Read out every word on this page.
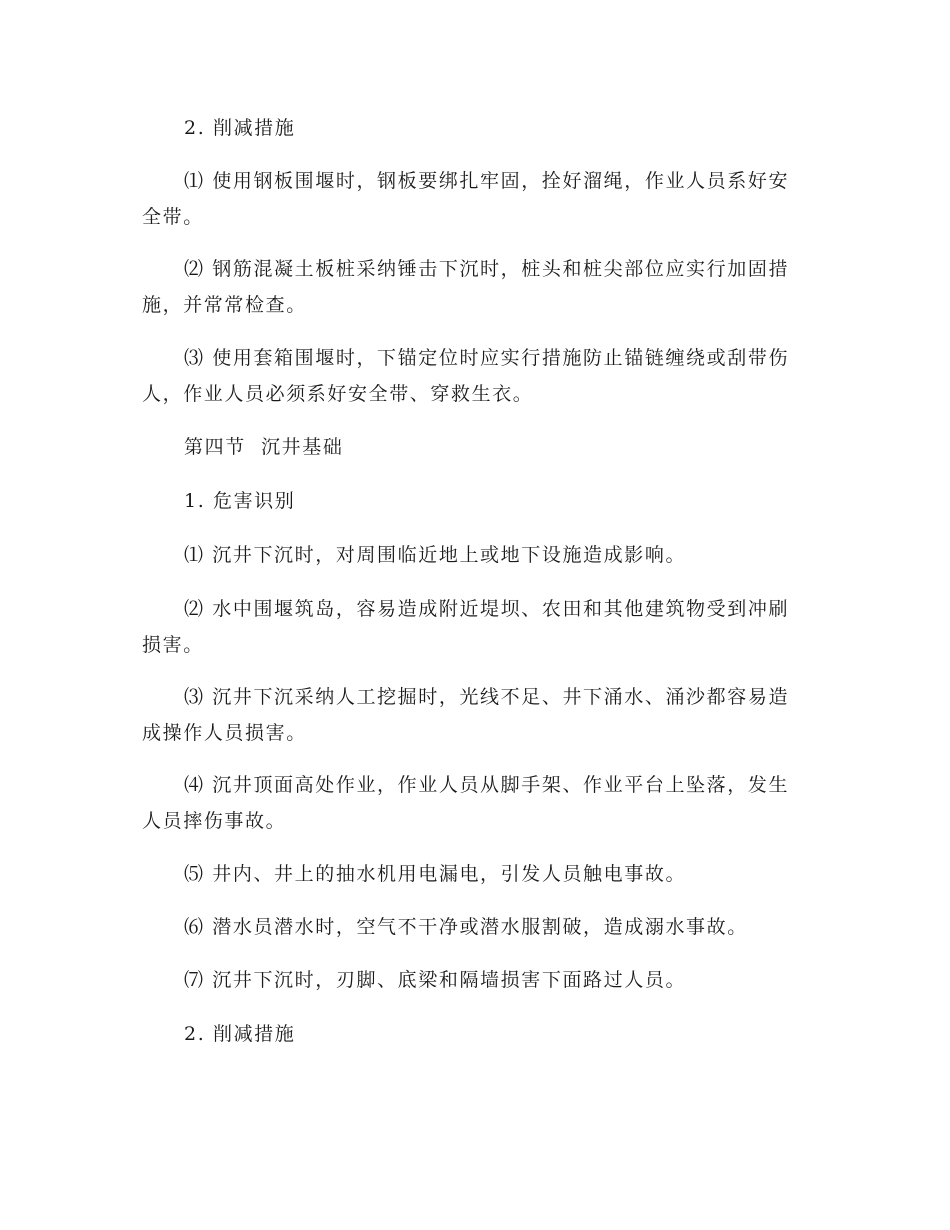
2. 削减措施
⑴ 使用钢板围堰时，钢板要绑扎牢固，拴好溜绳，作业人员系好安全带。
⑵ 钢筋混凝土板桩采纳锤击下沉时，桩头和桩尖部位应实行加固措施，并常常检查。
⑶ 使用套箱围堰时，下锚定位时应实行措施防止锚链缠绕或刮带伤人，作业人员必须系好安全带、穿救生衣。
第四节  沉井基础
1. 危害识别
⑴ 沉井下沉时，对周围临近地上或地下设施造成影响。
⑵ 水中围堰筑岛，容易造成附近堤坝、农田和其他建筑物受到冲刷损害。
⑶ 沉井下沉采纳人工挖掘时，光线不足、井下涌水、涌沙都容易造成操作人员损害。
⑷ 沉井顶面高处作业，作业人员从脚手架、作业平台上坠落，发生人员摔伤事故。
⑸ 井内、井上的抽水机用电漏电，引发人员触电事故。
⑹ 潜水员潜水时，空气不干净或潜水服割破，造成溺水事故。
⑺ 沉井下沉时，刃脚、底梁和隔墙损害下面路过人员。
2. 削减措施
